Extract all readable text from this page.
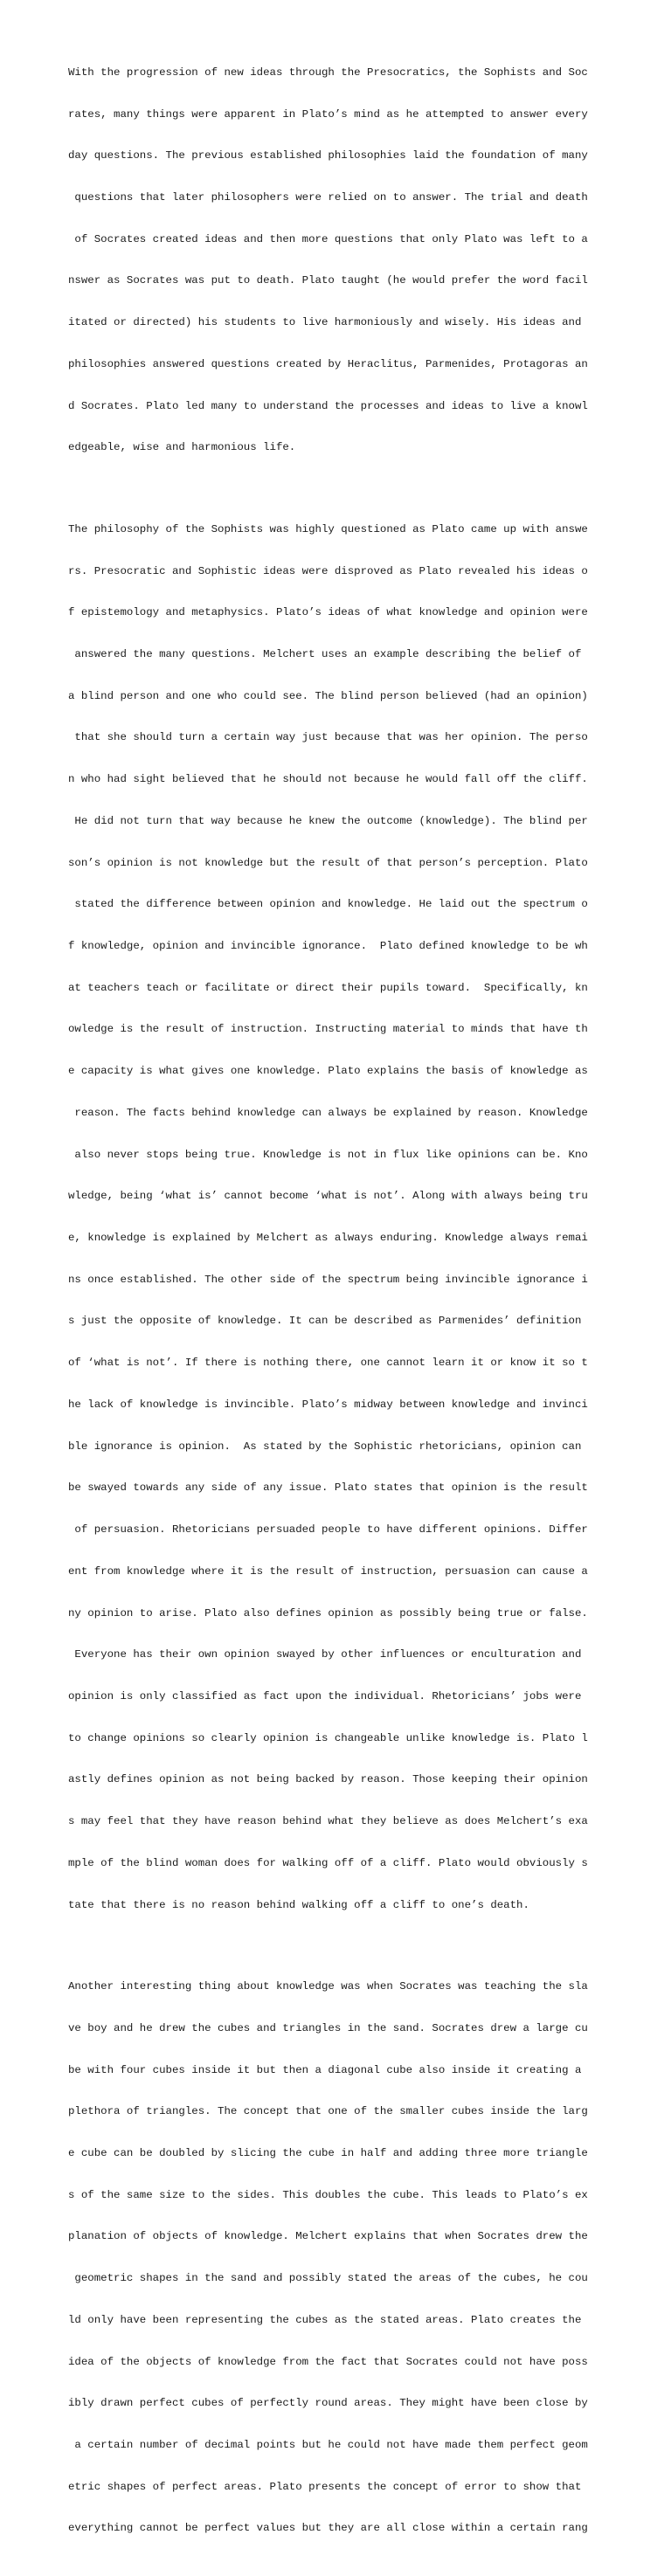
With the progression of new ideas through the Presocratics, the Sophists and Soc

rates, many things were apparent in Plato’s mind as he attempted to answer every

day questions. The previous established philosophies laid the foundation of many

questions that later philosophers were relied on to answer. The trial and death

of Socrates created ideas and then more questions that only Plato was left to a

nswer as Socrates was put to death. Plato taught (he would prefer the word facil

itated or directed) his students to live harmoniously and wisely. His ideas and

philosophies answered questions created by Heraclitus, Parmenides, Protagoras an

d Socrates. Plato led many to understand the processes and ideas to live a knowl

edgeable, wise and harmonious life.

The philosophy of the Sophists was highly questioned as Plato came up with answe

rs. Presocratic and Sophistic ideas were disproved as Plato revealed his ideas o

f epistemology and metaphysics. Plato’s ideas of what knowledge and opinion were

answered the many questions. Melchert uses an example describing the belief of

a blind person and one who could see. The blind person believed (had an opinion)

that she should turn a certain way just because that was her opinion. The perso

n who had sight believed that he should not because he would fall off the cliff.

He did not turn that way because he knew the outcome (knowledge). The blind per

son’s opinion is not knowledge but the result of that person’s perception. Plato

stated the difference between opinion and knowledge. He laid out the spectrum o

f knowledge, opinion and invincible ignorance.  Plato defined knowledge to be wh

at teachers teach or facilitate or direct their pupils toward.  Specifically, kn

owledge is the result of instruction. Instructing material to minds that have th

e capacity is what gives one knowledge. Plato explains the basis of knowledge as

reason. The facts behind knowledge can always be explained by reason. Knowledge

also never stops being true. Knowledge is not in flux like opinions can be. Kno

wledge, being ‘what is’ cannot become ‘what is not’. Along with always being tru

e, knowledge is explained by Melchert as always enduring. Knowledge always remai

ns once established. The other side of the spectrum being invincible ignorance i

s just the opposite of knowledge. It can be described as Parmenides’ definition

of ‘what is not’. If there is nothing there, one cannot learn it or know it so t

he lack of knowledge is invincible. Plato’s midway between knowledge and invinci

ble ignorance is opinion.  As stated by the Sophistic rhetoricians, opinion can

be swayed towards any side of any issue. Plato states that opinion is the result

of persuasion. Rhetoricians persuaded people to have different opinions. Differ

ent from knowledge where it is the result of instruction, persuasion can cause a

ny opinion to arise. Plato also defines opinion as possibly being true or false.

Everyone has their own opinion swayed by other influences or enculturation and

opinion is only classified as fact upon the individual. Rhetoricians’ jobs were

to change opinions so clearly opinion is changeable unlike knowledge is. Plato l

astly defines opinion as not being backed by reason. Those keeping their opinion

s may feel that they have reason behind what they believe as does Melchert’s exa

mple of the blind woman does for walking off of a cliff. Plato would obviously s

tate that there is no reason behind walking off a cliff to one’s death.

Another interesting thing about knowledge was when Socrates was teaching the sla

ve boy and he drew the cubes and triangles in the sand. Socrates drew a large cu

be with four cubes inside it but then a diagonal cube also inside it creating a

plethora of triangles. The concept that one of the smaller cubes inside the larg

e cube can be doubled by slicing the cube in half and adding three more triangle

s of the same size to the sides. This doubles the cube. This leads to Plato’s ex

planation of objects of knowledge. Melchert explains that when Socrates drew the

geometric shapes in the sand and possibly stated the areas of the cubes, he cou

ld only have been representing the cubes as the stated areas. Plato creates the

idea of the objects of knowledge from the fact that Socrates could not have poss

ibly drawn perfect cubes of perfectly round areas. They might have been close by

a certain number of decimal points but he could not have made them perfect geom

etric shapes of perfect areas. Plato presents the concept of error to show that

everything cannot be perfect values but they are all close within a certain rang
